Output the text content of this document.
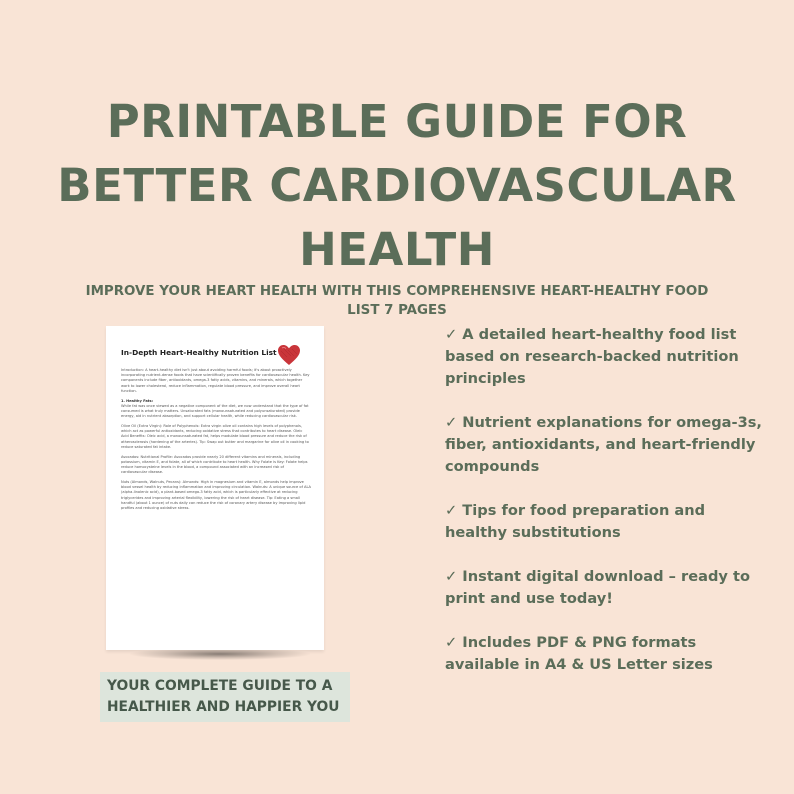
PRINTABLE GUIDE FOR
BETTER CARDIOVASCULAR
HEALTH
IMPROVE YOUR HEART HEALTH WITH THIS COMPREHENSIVE HEART-HEALTHY FOOD LIST 7 PAGES
In-Depth Heart-Healthy Nutrition List

Introduction: A heart-healthy diet isn't just about avoiding harmful foods; it's about proactively incorporating nutrient-dense foods that have scientifically proven benefits for cardiovascular health. Key components include fiber, antioxidants, omega-3 fatty acids, vitamins, and minerals, which together work to lower cholesterol, reduce inflammation, regulate blood pressure, and improve overall heart function.

1. Healthy Fats:

While fat was once viewed as a negative component of the diet, we now understand that the type of fat consumed is what truly matters. Unsaturated fats (monounsaturated and polyunsaturated) provide energy, aid in nutrient absorption, and support cellular health, while reducing cardiovascular risk.

Olive Oil (Extra Virgin): Role of Polyphenols: Extra virgin olive oil contains high levels of polyphenols, which act as powerful antioxidants, reducing oxidative stress that contributes to heart disease. Oleic Acid Benefits: Oleic acid, a monounsaturated fat, helps modulate blood pressure and reduce the risk of atherosclerosis (hardening of the arteries). Tip: Swap out butter and margarine for olive oil in cooking to reduce saturated fat intake.

Avocados: Nutritional Profile: Avocados provide nearly 20 different vitamins and minerals, including potassium, vitamin E, and folate, all of which contribute to heart health. Why Folate is Key: Folate helps reduce homocysteine levels in the blood, a compound associated with an increased risk of cardiovascular disease.

Nuts (Almonds, Walnuts, Pecans): Almonds: High in magnesium and vitamin E, almonds help improve blood vessel health by reducing inflammation and improving circulation. Walnuts: A unique source of ALA (alpha-linolenic acid), a plant-based omega-3 fatty acid, which is particularly effective at reducing triglycerides and improving arterial flexibility, lowering the risk of heart disease. Tip: Eating a small handful (about 1 ounce) of nuts daily can reduce the risk of coronary artery disease by improving lipid profiles and reducing oxidative stress.

✓ A detailed heart-healthy food list based on research-backed nutrition principles
✓ Nutrient explanations for omega-3s, fiber, antioxidants, and heart-friendly compounds
✓ Tips for food preparation and healthy substitutions
✓ Instant digital download – ready to print and use today!
✓ Includes PDF & PNG formats available in A4 & US Letter sizes
YOUR COMPLETE GUIDE TO A HEALTHIER AND HAPPIER YOU
